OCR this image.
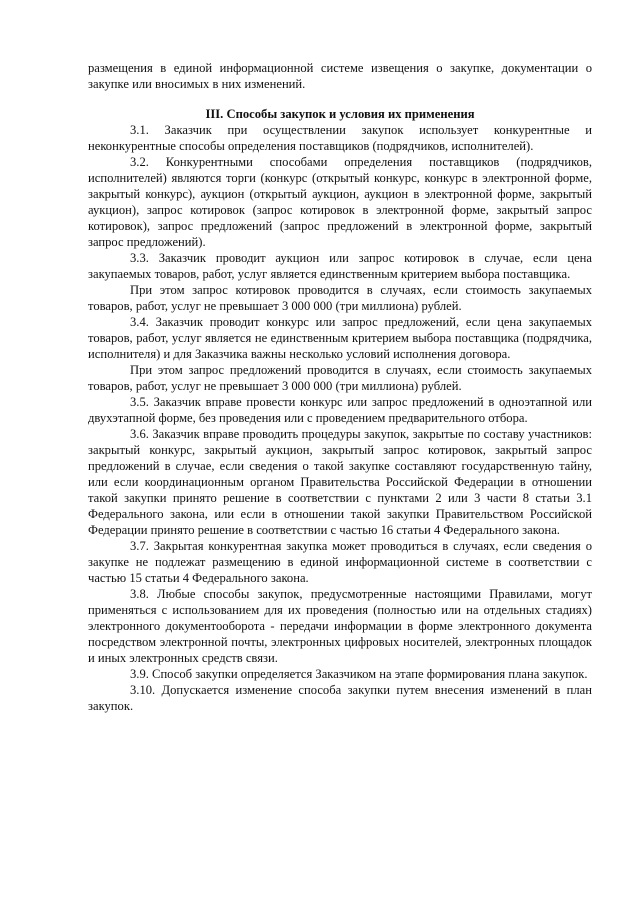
размещения в единой информационной системе извещения о закупке, документации о закупке или вносимых в них изменений.

III. Способы закупок и условия их применения

3.1. Заказчик при осуществлении закупок использует конкурентные и неконкурентные способы определения поставщиков (подрядчиков, исполнителей).

3.2. Конкурентными способами определения поставщиков (подрядчиков, исполнителей) являются торги (конкурс (открытый конкурс, конкурс в электронной форме, закрытый конкурс), аукцион (открытый аукцион, аукцион в электронной форме, закрытый аукцион), запрос котировок (запрос котировок в электронной форме, закрытый запрос котировок), запрос предложений (запрос предложений в электронной форме, закрытый запрос предложений).

3.3. Заказчик проводит аукцион или запрос котировок в случае, если цена закупаемых товаров, работ, услуг является единственным критерием выбора поставщика.

При этом запрос котировок проводится в случаях, если стоимость закупаемых товаров, работ, услуг не превышает 3 000 000 (три миллиона) рублей.

3.4. Заказчик проводит конкурс или запрос предложений, если цена закупаемых товаров, работ, услуг является не единственным критерием выбора поставщика (подрядчика, исполнителя) и для Заказчика важны несколько условий исполнения договора.

При этом запрос предложений проводится в случаях, если стоимость закупаемых товаров, работ, услуг не превышает 3 000 000 (три миллиона) рублей.

3.5. Заказчик вправе провести конкурс или запрос предложений в одноэтапной или двухэтапной форме, без проведения или с проведением предварительного отбора.

3.6. Заказчик вправе проводить процедуры закупок, закрытые по составу участников: закрытый конкурс, закрытый аукцион, закрытый запрос котировок, закрытый запрос предложений в случае, если сведения о такой закупке составляют государственную тайну, или если координационным органом Правительства Российской Федерации в отношении такой закупки принято решение в соответствии с пунктами 2 или 3 части 8 статьи 3.1 Федерального закона, или если в отношении такой закупки Правительством Российской Федерации принято решение в соответствии с частью 16 статьи 4 Федерального закона.

3.7. Закрытая конкурентная закупка может проводиться в случаях, если сведения о закупке не подлежат размещению в единой информационной системе в соответствии с частью 15 статьи 4 Федерального закона.

3.8. Любые способы закупок, предусмотренные настоящими Правилами, могут применяться с использованием для их проведения (полностью или на отдельных стадиях) электронного документооборота - передачи информации в форме электронного документа посредством электронной почты, электронных цифровых носителей, электронных площадок и иных электронных средств связи.

3.9. Способ закупки определяется Заказчиком на этапе формирования плана закупок.

3.10. Допускается изменение способа закупки путем внесения изменений в план закупок.
